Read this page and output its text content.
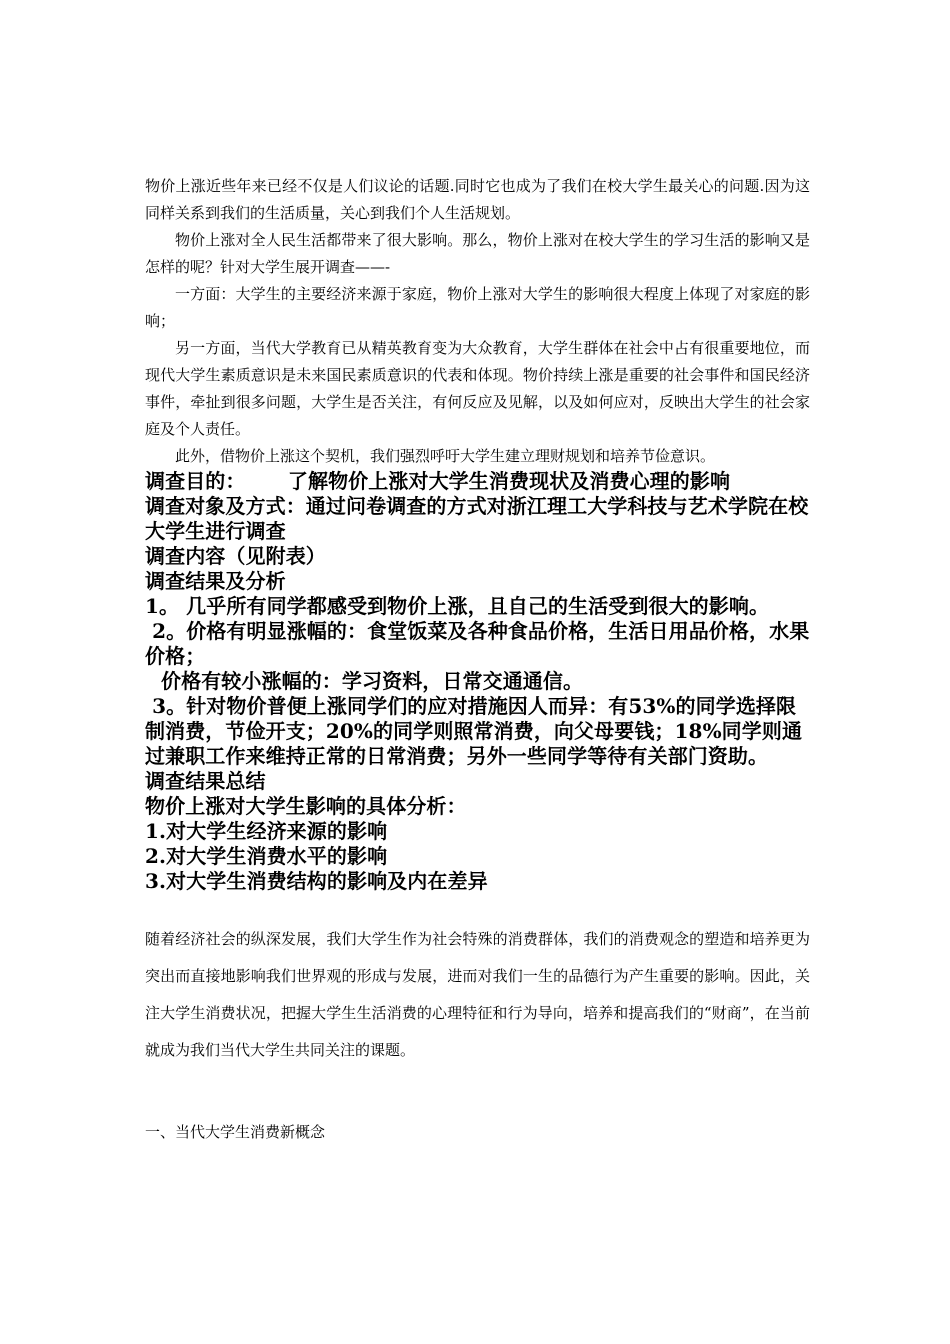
物价上涨近些年来已经不仅是人们议论的话题.同时它也成为了我们在校大学生最关心的问题.因为这同样关系到我们的生活质量，关心到我们个人生活规划。

物价上涨对全人民生活都带来了很大影响。那么，物价上涨对在校大学生的学习生活的影响又是怎样的呢？针对大学生展开调查——-

一方面：大学生的主要经济来源于家庭，物价上涨对大学生的影响很大程度上体现了对家庭的影响；

另一方面，当代大学教育已从精英教育变为大众教育，大学生群体在社会中占有很重要地位，而现代大学生素质意识是未来国民素质意识的代表和体现。物价持续上涨是重要的社会事件和国民经济事件，牵扯到很多问题，大学生是否关注，有何反应及见解，以及如何应对，反映出大学生的社会家庭及个人责任。

此外，借物价上涨这个契机，我们强烈呼吁大学生建立理财规划和培养节俭意识。

调查目的：      了解物价上涨对大学生消费现状及消费心理的影响

调查对象及方式：通过问卷调查的方式对浙江理工大学科技与艺术学院在校大学生进行调查

调查内容（见附表）

调查结果及分析

1。 几乎所有同学都感受到物价上涨，且自己的生活受到很大的影响。

2。价格有明显涨幅的：食堂饭菜及各种食品价格，生活日用品价格，水果价格；

价格有较小涨幅的：学习资料，日常交通通信。

3。针对物价普便上涨同学们的应对措施因人而异：有53%的同学选择限制消费，节俭开支；20%的同学则照常消费，向父母要钱；18%同学则通过兼职工作来维持正常的日常消费；另外一些同学等待有关部门资助。

调查结果总结

物价上涨对大学生影响的具体分析：

1.对大学生经济来源的影响

2.对大学生消费水平的影响

3.对大学生消费结构的影响及内在差异

随着经济社会的纵深发展，我们大学生作为社会特殊的消费群体，我们的消费观念的塑造和培养更为突出而直接地影响我们世界观的形成与发展，进而对我们一生的品德行为产生重要的影响。因此，关注大学生消费状况，把握大学生生活消费的心理特征和行为导向，培养和提高我们的“财商”，在当前就成为我们当代大学生共同关注的课题。

一、当代大学生消费新概念
